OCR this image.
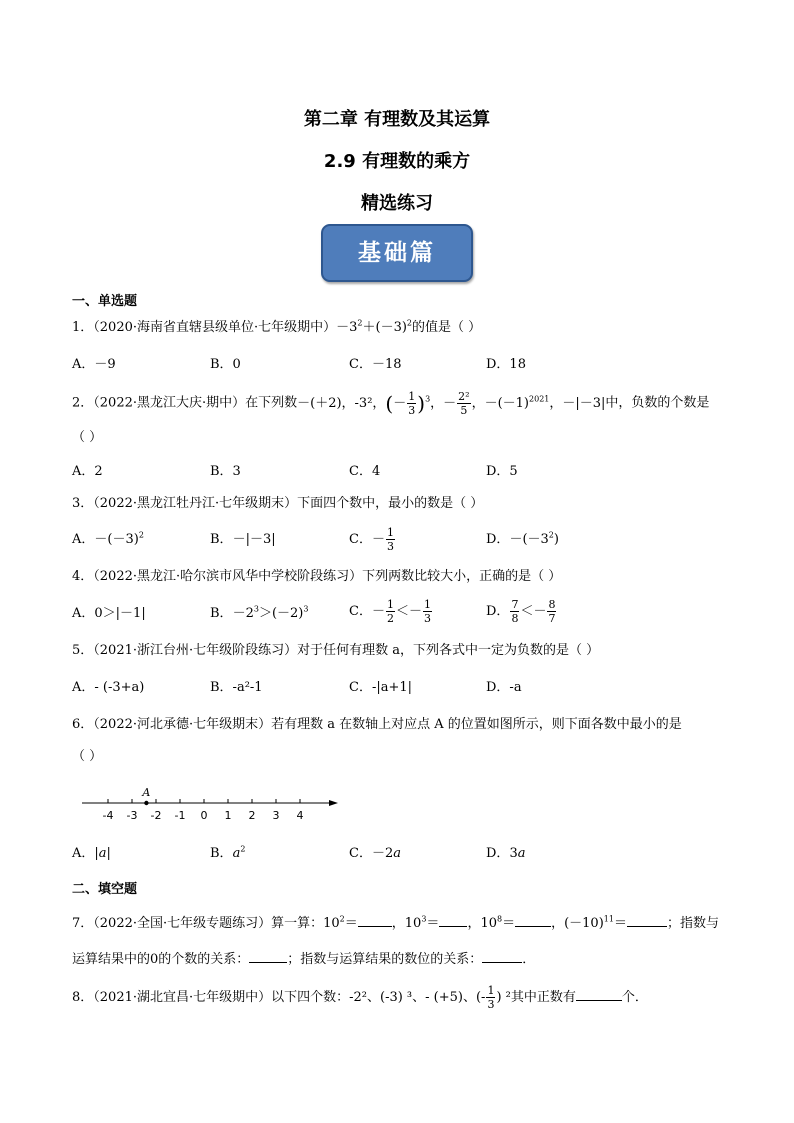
第二章 有理数及其运算
2.9 有理数的乘方
精选练习
基础篇
一、单选题
1．（2020·海南省直辖县级单位·七年级期中）$-3^2+(-3)^2$的值是（ ）
A．－9	B．0	C．－18	D．18
2．（2022·黑龙江大庆·期中）在下列数－(＋2)，-3²，(－ $\frac{1}{3} )^3$，－ $\frac{\text{2²}}{5}$ ，$-(-1)^{2021}$，－|－3|中，负数的个数是
（ ）
A．2	B．3	C．4	D．5
3．（2022·黑龙江牡丹江·七年级期末）下面四个数中，最小的数是（ ）
A．$-(-3)^2$	B．－|－3|	C．－ $\frac{1}{3}$	D．$-(-3^2)$
4．（2022·黑龙江·哈尔滨市风华中学校阶段练习）下列两数比较大小，正确的是（ ）
A．0＞|－1|	B．$-2^3>(-2)^3$	C．－ $\frac{1}{2} <- \frac{1}{3}$	D． $\frac{7}{8} <- \frac{8}{7}$
5．（2021·浙江台州·七年级阶段练习）对于任何有理数 a，下列各式中一定为负数的是（ ）
A．- (-3+a)	B．-a²-1	C．-|a+1|	D．-a
6．（2022·河北承德·七年级期末）若有理数 a 在数轴上对应点 A 的位置如图所示，则下面各数中最小的是
（ ）
-4 -3 -2 -1 0 1 2 3 4
A
A．|a|	B．$a^2$	C．－2a	D．3a
二、填空题
7．（2022·全国·七年级专题练习）算一算：$10^2=$	，$10^3=$ ，$10^8=$	，$(-10)^{11}=$	；指数与
运算结果中的0的个数的关系：	；指数与运算结果的数位的关系：	．
8．（2021·湖北宜昌·七年级期中）以下四个数：-2²、(-3) ³、- (+5)、(- $\frac{1}{3}$ ) ²其中正数有	个．
